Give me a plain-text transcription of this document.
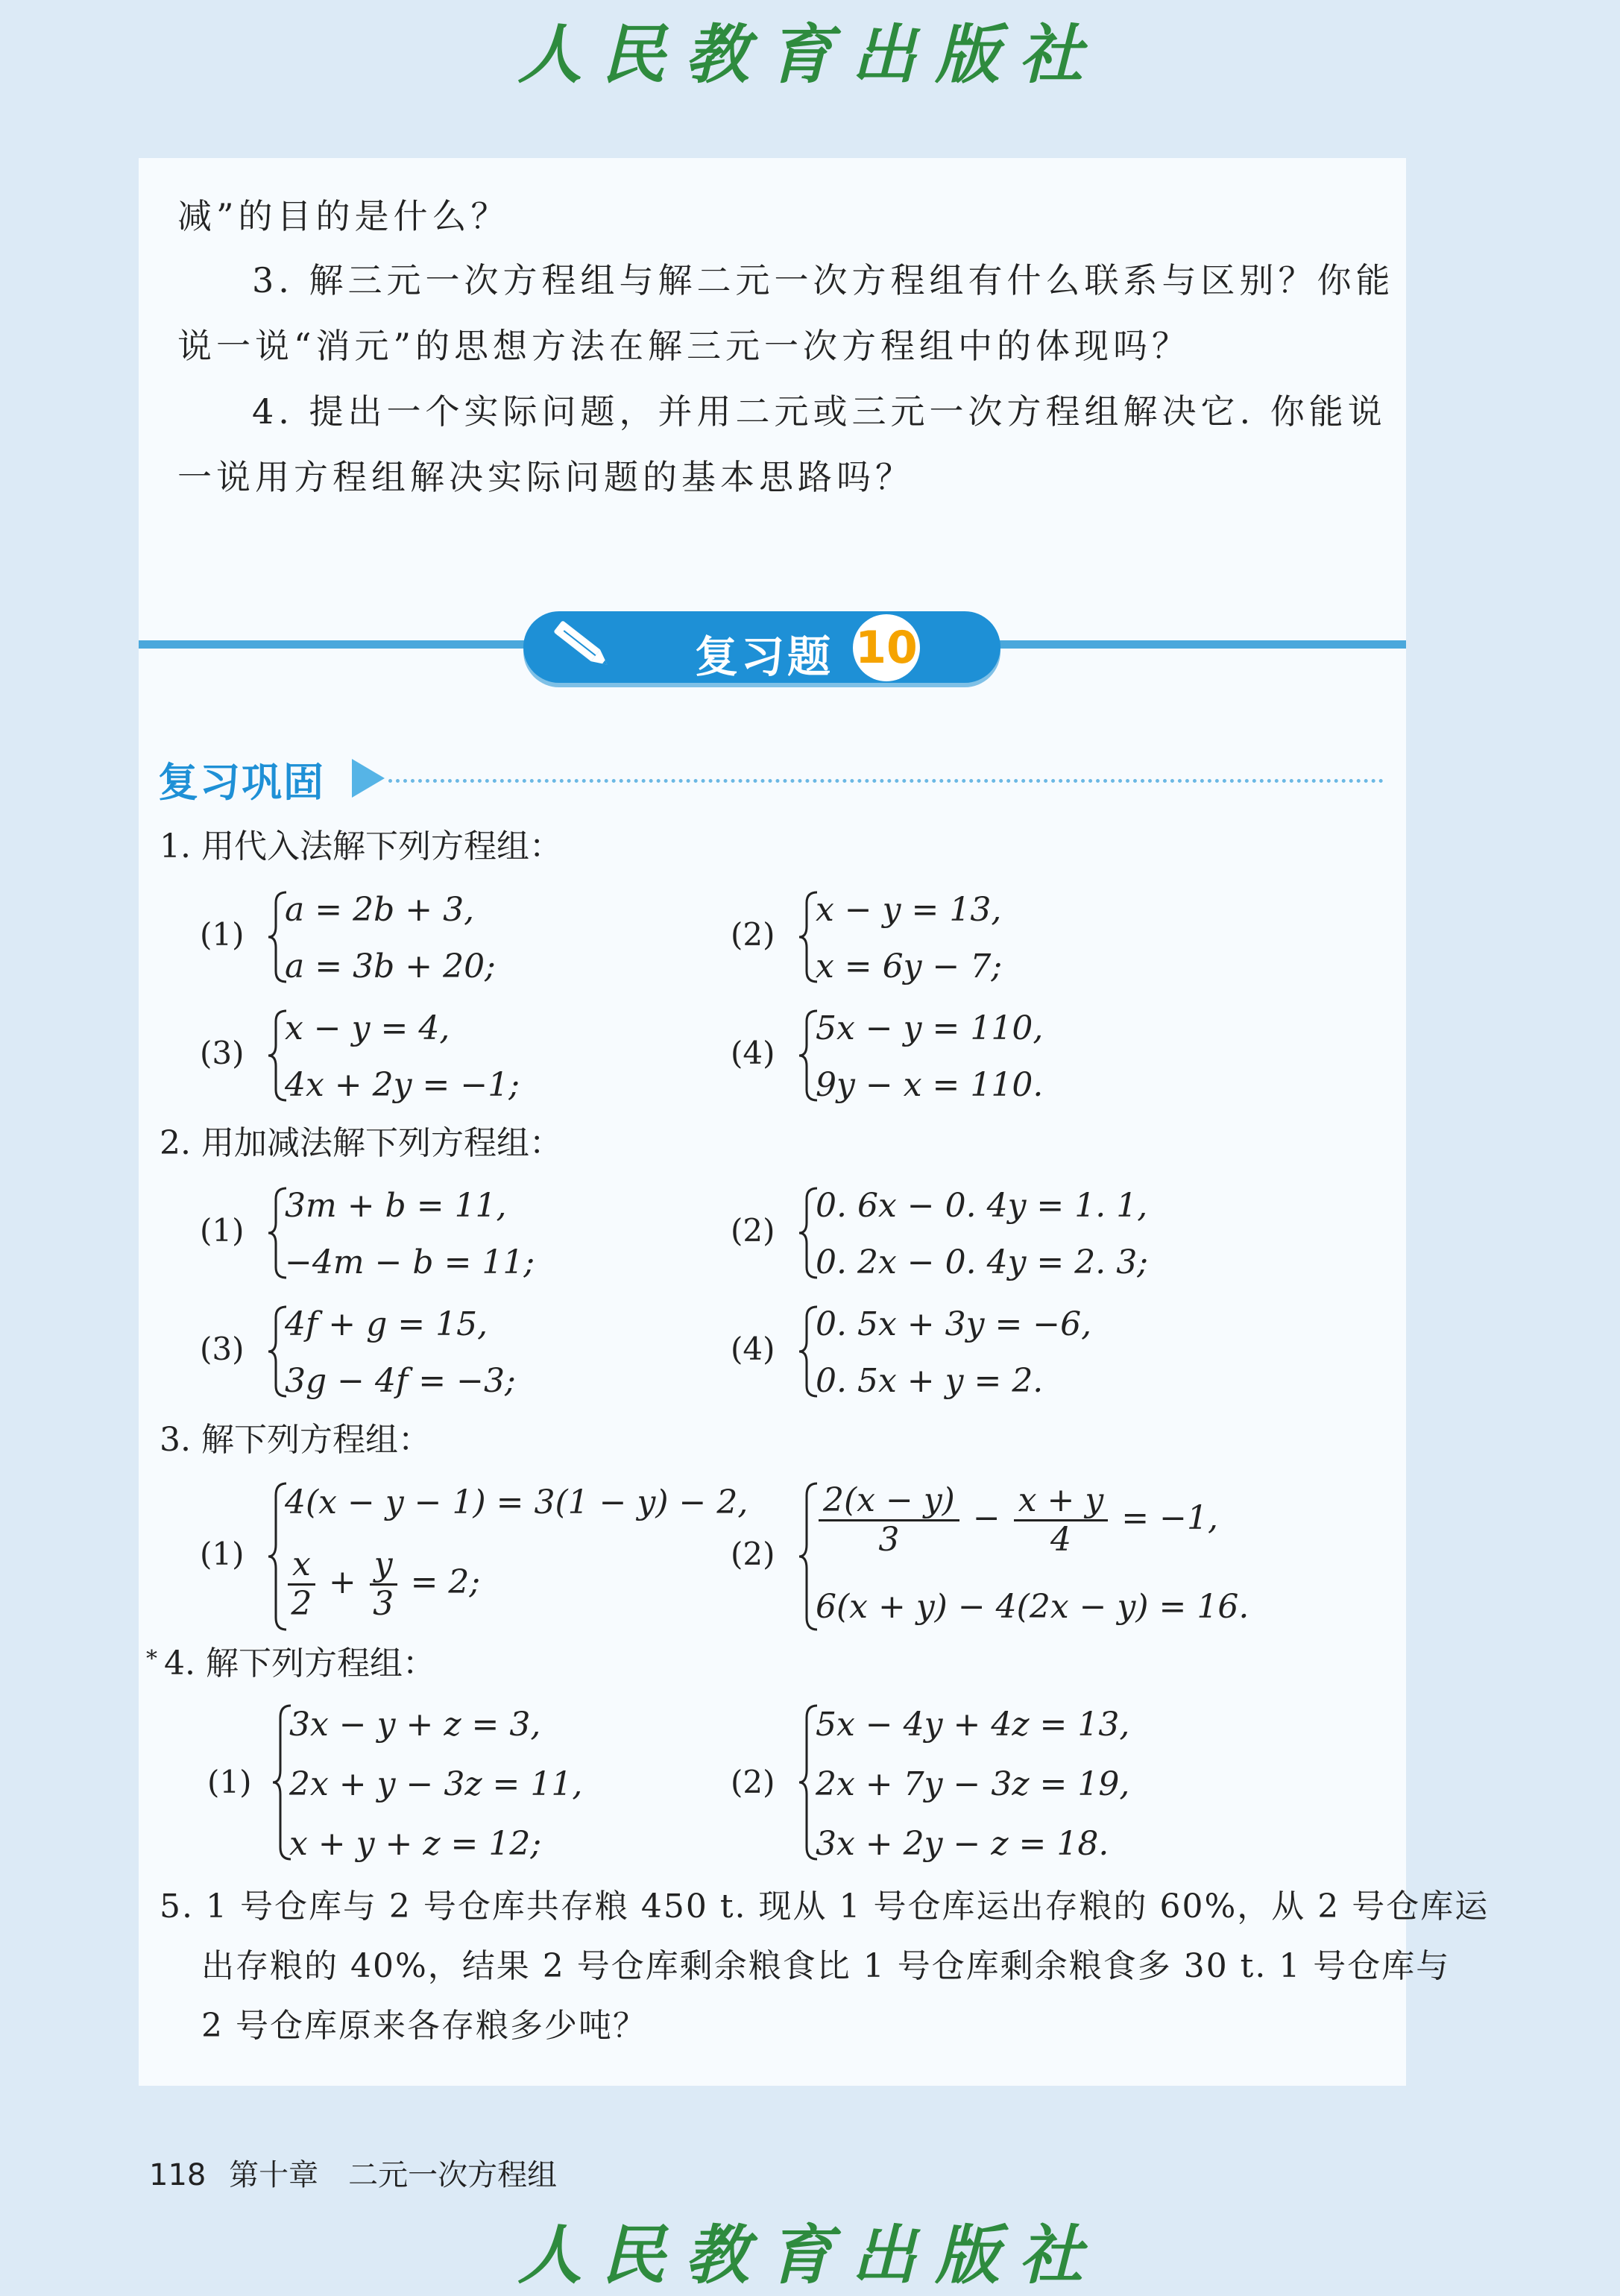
人民教育出版社
减”的目的是什么？
3. 解三元一次方程组与解二元一次方程组有什么联系与区别？你能
说一说“消元”的思想方法在解三元一次方程组中的体现吗？
4. 提出一个实际问题，并用二元或三元一次方程组解决它. 你能说
一说用方程组解决实际问题的基本思路吗？
复习题 10
复习巩固
1. 用代入法解下列方程组：
(1)
a = 2b + 3,
a = 3b + 20;
(2)
x − y = 13,
x = 6y − 7;
(3)
x − y = 4,
4x + 2y = −1;
(4)
5x − y = 110,
9y − x = 110.
2. 用加减法解下列方程组：
(1)
3m + b = 11,
−4m − b = 11;
(2)
0. 6x − 0. 4y = 1. 1,
0. 2x − 0. 4y = 2. 3;
(3)
4f + g = 15,
3g − 4f = −3;
(4)
0. 5x + 3y = −6,
0. 5x + y = 2.
3. 解下列方程组：
(1)
4(x − y − 1) = 3(1 − y) − 2,
$\frac{x}{2} + \frac{y}{3} = 2$;
$(2) \frac{2(x - y)}{3} - \frac{x + y}{4} = -1$,
6(x + y) − 4(2x − y) = 16.
* 4. 解下列方程组：
(1)
3x − y + z = 3,
2x + y − 3z = 11,
x + y + z = 12;
(2)
5x − 4y + 4z = 13,
2x + 7y − 3z = 19,
3x + 2y − z = 18.
5. 1 号仓库与 2 号仓库共存粮 450 t. 现从 1 号仓库运出存粮的 60%，从 2 号仓库运
出存粮的 40%，结果 2 号仓库剩余粮食比 1 号仓库剩余粮食多 30 t. 1 号仓库与
2 号仓库原来各存粮多少吨？
118 第十章　二元一次方程组
人民教育出版社
